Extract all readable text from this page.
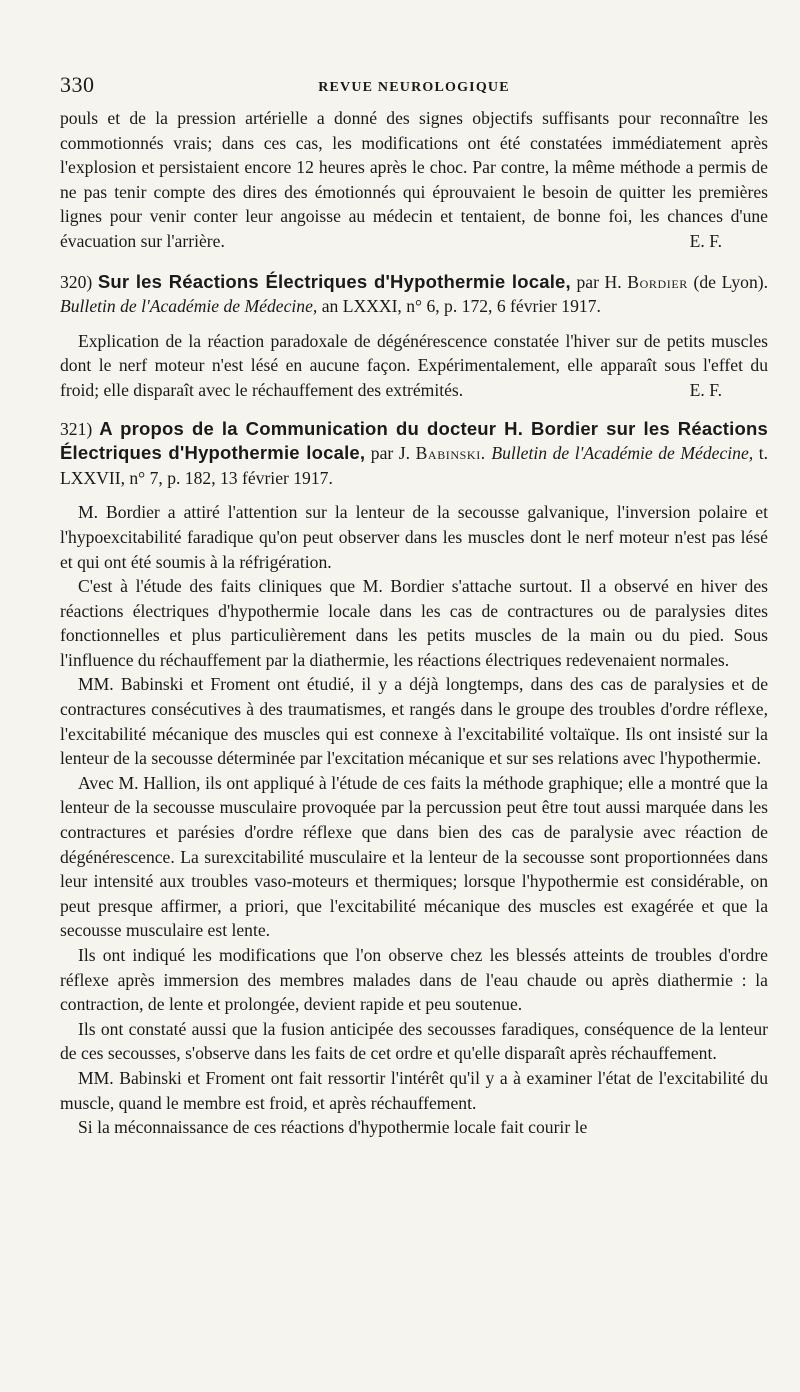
330	REVUE NEUROLOGIQUE

pouls et de la pression artérielle a donné des signes objectifs suffisants pour reconnaître les commotionnés vrais; dans ces cas, les modifications ont été constatées immédiatement après l'explosion et persistaient encore 12 heures après le choc. Par contre, la même méthode a permis de ne pas tenir compte des dires des émotionnés qui éprouvaient le besoin de quitter les premières lignes pour venir conter leur angoisse au médecin et tentaient, de bonne foi, les chances d'une évacuation sur l'arrière.	E. F.

320) Sur les Réactions Électriques d'Hypothermie locale, par H. Bordier (de Lyon). Bulletin de l'Académie de Médecine, an LXXXI, n° 6, p. 172, 6 février 1917.

Explication de la réaction paradoxale de dégénérescence constatée l'hiver sur de petits muscles dont le nerf moteur n'est lésé en aucune façon. Expérimentalement, elle apparaît sous l'effet du froid; elle disparaît avec le réchauffement des extrémités.	E. F.

321) A propos de la Communication du docteur H. Bordier sur les Réactions Électriques d'Hypothermie locale, par J. Babinski. Bulletin de l'Académie de Médecine, t. LXXVII, n° 7, p. 182, 13 février 1917.

M. Bordier a attiré l'attention sur la lenteur de la secousse galvanique, l'inversion polaire et l'hypoexcitabilité faradique qu'on peut observer dans les muscles dont le nerf moteur n'est pas lésé et qui ont été soumis à la réfrigération.

C'est à l'étude des faits cliniques que M. Bordier s'attache surtout. Il a observé en hiver des réactions électriques d'hypothermie locale dans les cas de contractures ou de paralysies dites fonctionnelles et plus particulièrement dans les petits muscles de la main ou du pied. Sous l'influence du réchauffement par la diathermie, les réactions électriques redevenaient normales.

MM. Babinski et Froment ont étudié, il y a déjà longtemps, dans des cas de paralysies et de contractures consécutives à des traumatismes, et rangés dans le groupe des troubles d'ordre réflexe, l'excitabilité mécanique des muscles qui est connexe à l'excitabilité voltaïque. Ils ont insisté sur la lenteur de la secousse déterminée par l'excitation mécanique et sur ses relations avec l'hypothermie.

Avec M. Hallion, ils ont appliqué à l'étude de ces faits la méthode graphique; elle a montré que la lenteur de la secousse musculaire provoquée par la percussion peut être tout aussi marquée dans les contractures et parésies d'ordre réflexe que dans bien des cas de paralysie avec réaction de dégénérescence. La surexcitabilité musculaire et la lenteur de la secousse sont proportionnées dans leur intensité aux troubles vaso-moteurs et thermiques; lorsque l'hypothermie est considérable, on peut presque affirmer, a priori, que l'excitabilité mécanique des muscles est exagérée et que la secousse musculaire est lente.

Ils ont indiqué les modifications que l'on observe chez les blessés atteints de troubles d'ordre réflexe après immersion des membres malades dans de l'eau chaude ou après diathermie : la contraction, de lente et prolongée, devient rapide et peu soutenue.

Ils ont constaté aussi que la fusion anticipée des secousses faradiques, conséquence de la lenteur de ces secousses, s'observe dans les faits de cet ordre et qu'elle disparaît après réchauffement.

MM. Babinski et Froment ont fait ressortir l'intérêt qu'il y a à examiner l'état de l'excitabilité du muscle, quand le membre est froid, et après réchauffement.

Si la méconnaissance de ces réactions d'hypothermie locale fait courir le
